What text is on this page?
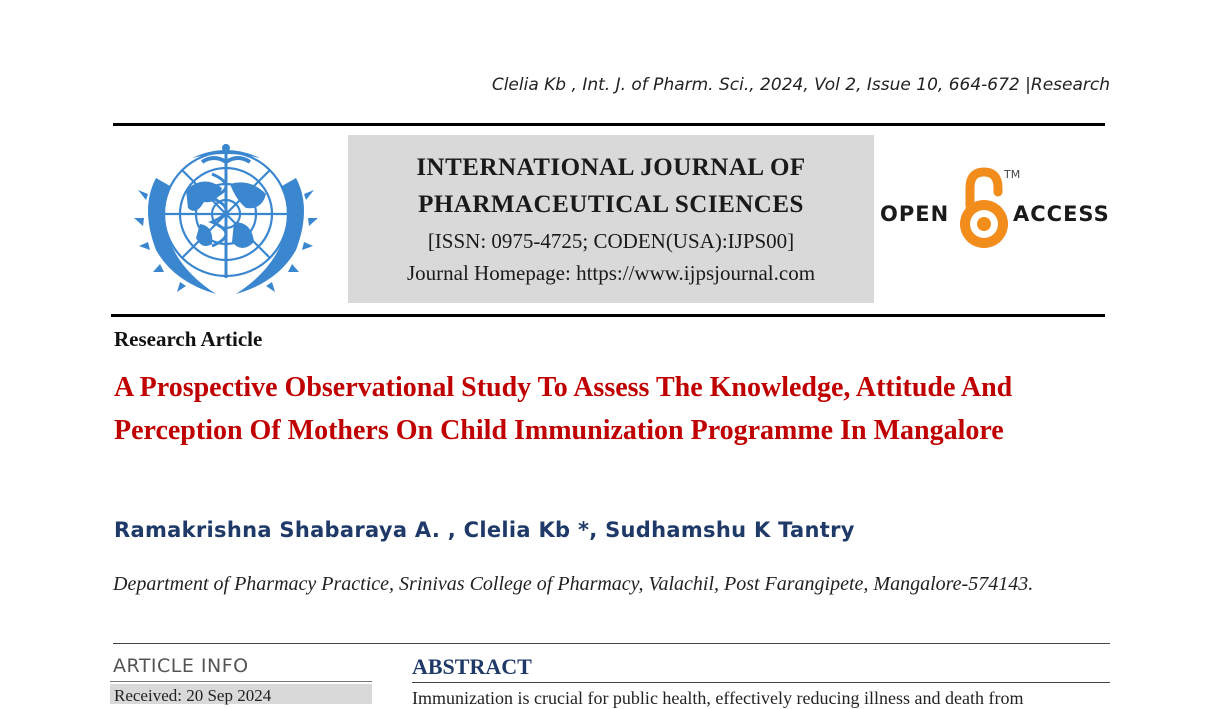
Clelia Kb , Int. J. of Pharm. Sci., 2024, Vol 2, Issue 10, 664-672 |Research
INTERNATIONAL JOURNAL OF
PHARMACEUTICAL SCIENCES
[ISSN: 0975-4725; CODEN(USA):IJPS00]
Journal Homepage: https://www.ijpsjournal.com
OPEN
TM
ACCESS
Research Article
A Prospective Observational Study To Assess The Knowledge, Attitude And Perception Of Mothers On Child Immunization Programme In Mangalore
Ramakrishna Shabaraya A. , Clelia Kb *, Sudhamshu K Tantry
Department of Pharmacy Practice, Srinivas College of Pharmacy, Valachil, Post Farangipete, Mangalore-574143.
ARTICLE INFO
Received: 20 Sep 2024
ABSTRACT
Immunization is crucial for public health, effectively reducing illness and death from
